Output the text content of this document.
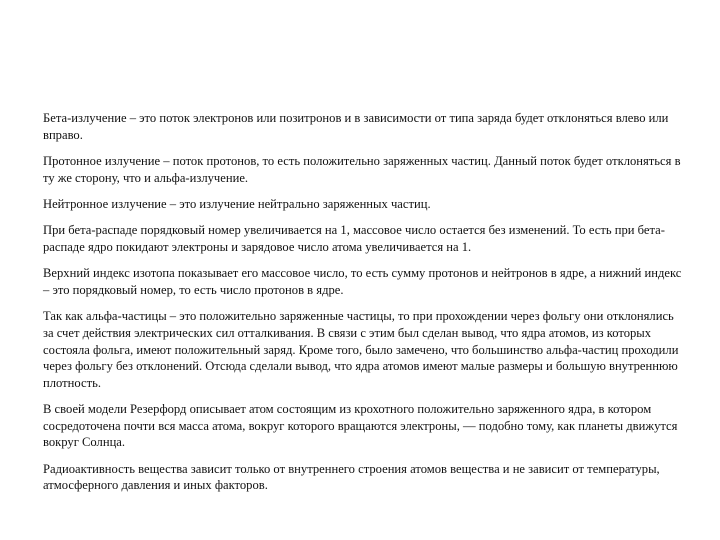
Бета-излучение – это поток электронов или позитронов и в зависимости от типа заряда будет отклоняться влево или вправо.

Протонное излучение – поток протонов, то есть положительно заряженных частиц. Данный поток будет отклоняться в ту же сторону, что и альфа-излучение.

Нейтронное излучение – это излучение нейтрально заряженных частиц.

При бета-распаде порядковый номер увеличивается на 1, массовое число остается без изменений. То есть при бета-распаде ядро покидают электроны и зарядовое число атома увеличивается на 1.

Верхний индекс изотопа показывает его массовое число, то есть сумму протонов и нейтронов в ядре, а нижний индекс – это порядковый номер, то есть число протонов в ядре.

Так как альфа-частицы – это положительно заряженные частицы, то при прохождении через фольгу они отклонялись за счет действия электрических сил отталкивания. В связи с этим был сделан вывод, что ядра атомов, из которых состояла фольга, имеют положительный заряд. Кроме того, было замечено, что большинство альфа-частиц проходили через фольгу без отклонений. Отсюда сделали вывод, что ядра атомов имеют малые размеры и большую внутреннюю плотность.

В своей модели Резерфорд описывает атом состоящим из крохотного положительно заряженного ядра, в котором сосредоточена почти вся масса атома, вокруг которого вращаются электроны, — подобно тому, как планеты движутся вокруг Солнца.

Радиоактивность вещества зависит только от внутреннего строения атомов вещества и не зависит от температуры, атмосферного давления и иных факторов.
